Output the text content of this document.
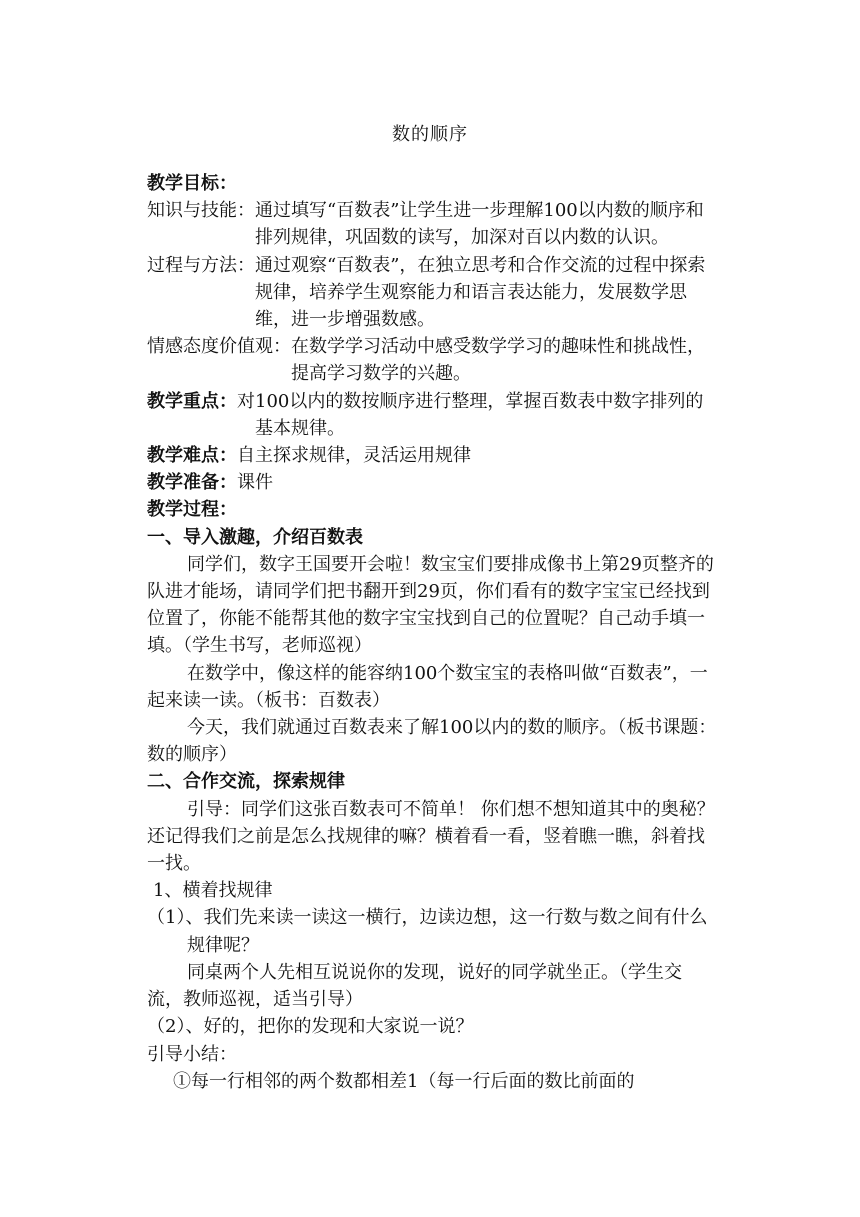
数的顺序

教学目标：

知识与技能：通过填写“百数表”让学生进一步理解100以内数的顺序和排列规律，巩固数的读写，加深对百以内数的认识。

过程与方法：通过观察“百数表”，在独立思考和合作交流的过程中探索规律，培养学生观察能力和语言表达能力，发展数学思维，进一步增强数感。

情感态度价值观：在数学学习活动中感受数学学习的趣味性和挑战性，提高学习数学的兴趣。

教学重点：对100以内的数按顺序进行整理，掌握百数表中数字排列的基本规律。

教学难点：自主探求规律，灵活运用规律

教学准备：课件

教学过程：

一、导入激趣，介绍百数表

同学们，数字王国要开会啦！数宝宝们要排成像书上第29页整齐的队进才能场，请同学们把书翻开到29页，你们看有的数字宝宝已经找到位置了，你能不能帮其他的数字宝宝找到自己的位置呢？自己动手填一填。（学生书写，老师巡视）

在数学中，像这样的能容纳100个数宝宝的表格叫做“百数表”，一起来读一读。（板书：百数表）

今天，我们就通过百数表来了解100以内的数的顺序。（板书课题：数的顺序）

二、合作交流，探索规律

引导：同学们这张百数表可不简单！ 你们想不想知道其中的奥秘？还记得我们之前是怎么找规律的嘛？横着看一看，竖着瞧一瞧，斜着找一找。

1、横着找规律

（1）、我们先来读一读这一横行，边读边想，这一行数与数之间有什么规律呢？

同桌两个人先相互说说你的发现，说好的同学就坐正。（学生交流，教师巡视，适当引导）

（2）、好的，把你的发现和大家说一说？

引导小结：

①每一行相邻的两个数都相差1（每一行后面的数比前面的
